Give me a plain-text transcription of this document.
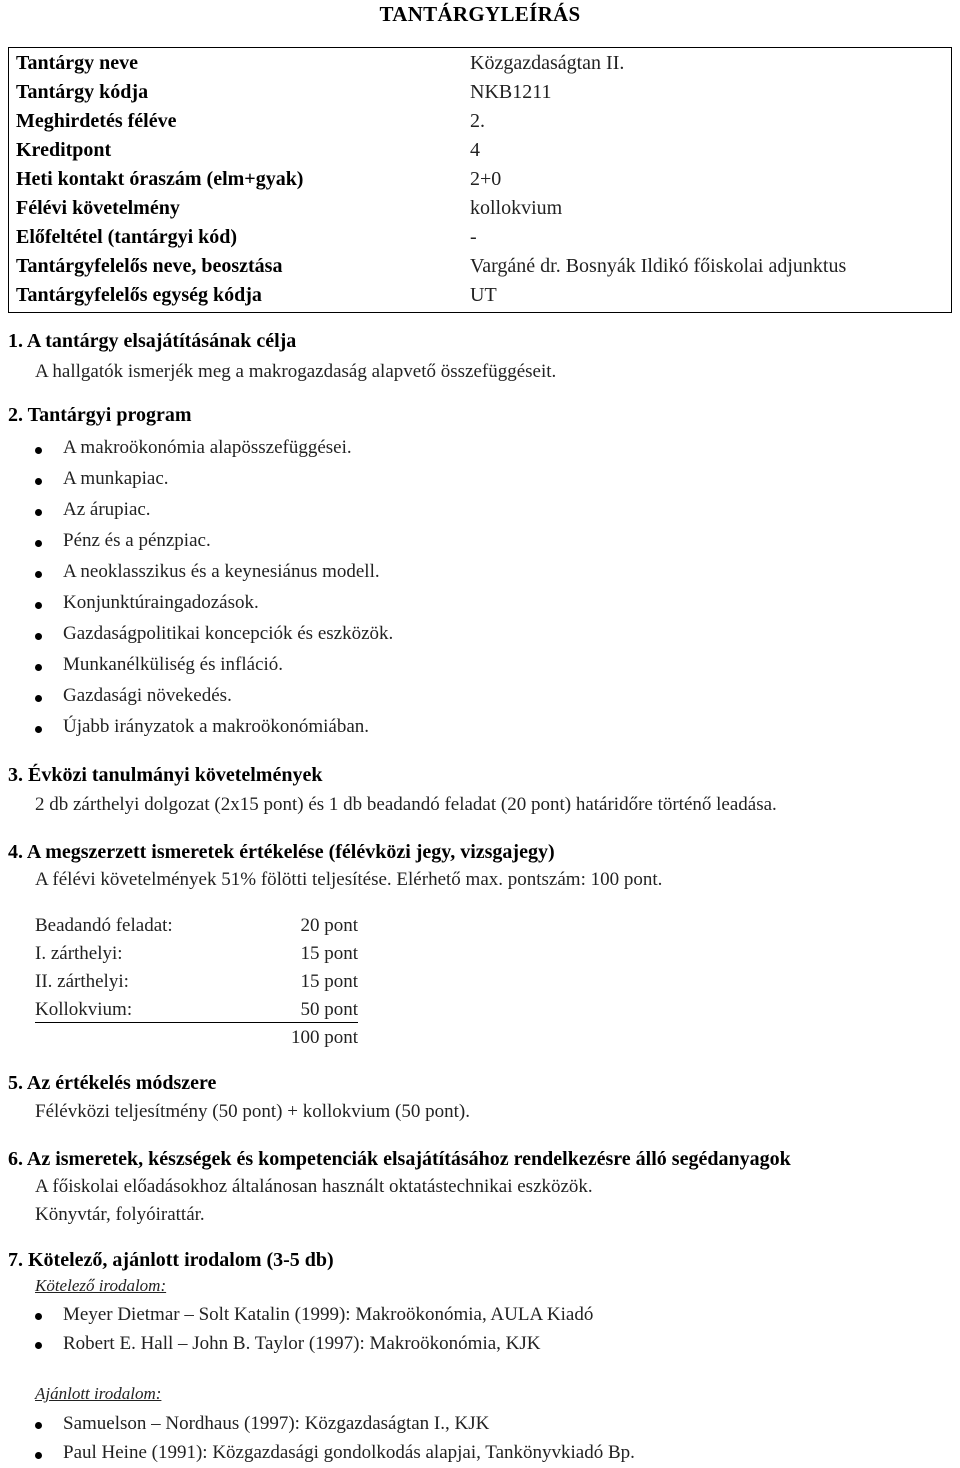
TANTÁRGYLEÍRÁS
Tantárgy neve	Közgazdaságtan II.
Tantárgy kódja	NKB1211
Meghirdetés féléve	2.
Kreditpont	4
Heti kontakt óraszám (elm+gyak)	2+0
Félévi követelmény	kollokvium
Előfeltétel (tantárgyi kód)	-
Tantárgyfelelős neve, beosztása	Vargáné dr. Bosnyák Ildikó főiskolai adjunktus
Tantárgyfelelős egység kódja	UT
1. A tantárgy elsajátításának célja
A hallgatók ismerjék meg a makrogazdaság alapvető összefüggéseit.
2. Tantárgyi program
A makroökonómia alapösszefüggései.
A munkapiac.
Az árupiac.
Pénz és a pénzpiac.
A neoklasszikus és a keynesiánus modell.
Konjunktúraingadozások.
Gazdaságpolitikai koncepciók és eszközök.
Munkanélküliség és infláció.
Gazdasági növekedés.
Újabb irányzatok a makroökonómiában.
3. Évközi tanulmányi követelmények
2 db zárthelyi dolgozat (2x15 pont) és 1 db beadandó feladat (20 pont) határidőre történő leadása.
4. A megszerzett ismeretek értékelése (félévközi jegy, vizsgajegy)
A félévi követelmények 51% fölötti teljesítése. Elérhető max. pontszám: 100 pont.
Beadandó feladat:	20 pont
I. zárthelyi:	15 pont
II. zárthelyi:	15 pont
Kollokvium:	50 pont
100 pont
5. Az értékelés módszere
Félévközi teljesítmény (50 pont) + kollokvium (50 pont).
6. Az ismeretek, készségek és kompetenciák elsajátításához rendelkezésre álló segédanyagok
A főiskolai előadásokhoz általánosan használt oktatástechnikai eszközök.
Könyvtár, folyóirattár.
7. Kötelező, ajánlott irodalom (3-5 db)
Kötelező irodalom:
Meyer Dietmar – Solt Katalin (1999): Makroökonómia, AULA Kiadó
Robert E. Hall – John B. Taylor (1997): Makroökonómia, KJK
Ajánlott irodalom:
Samuelson – Nordhaus (1997): Közgazdaságtan I., KJK
Paul Heine (1991): Közgazdasági gondolkodás alapjai, Tankönyvkiadó Bp.
